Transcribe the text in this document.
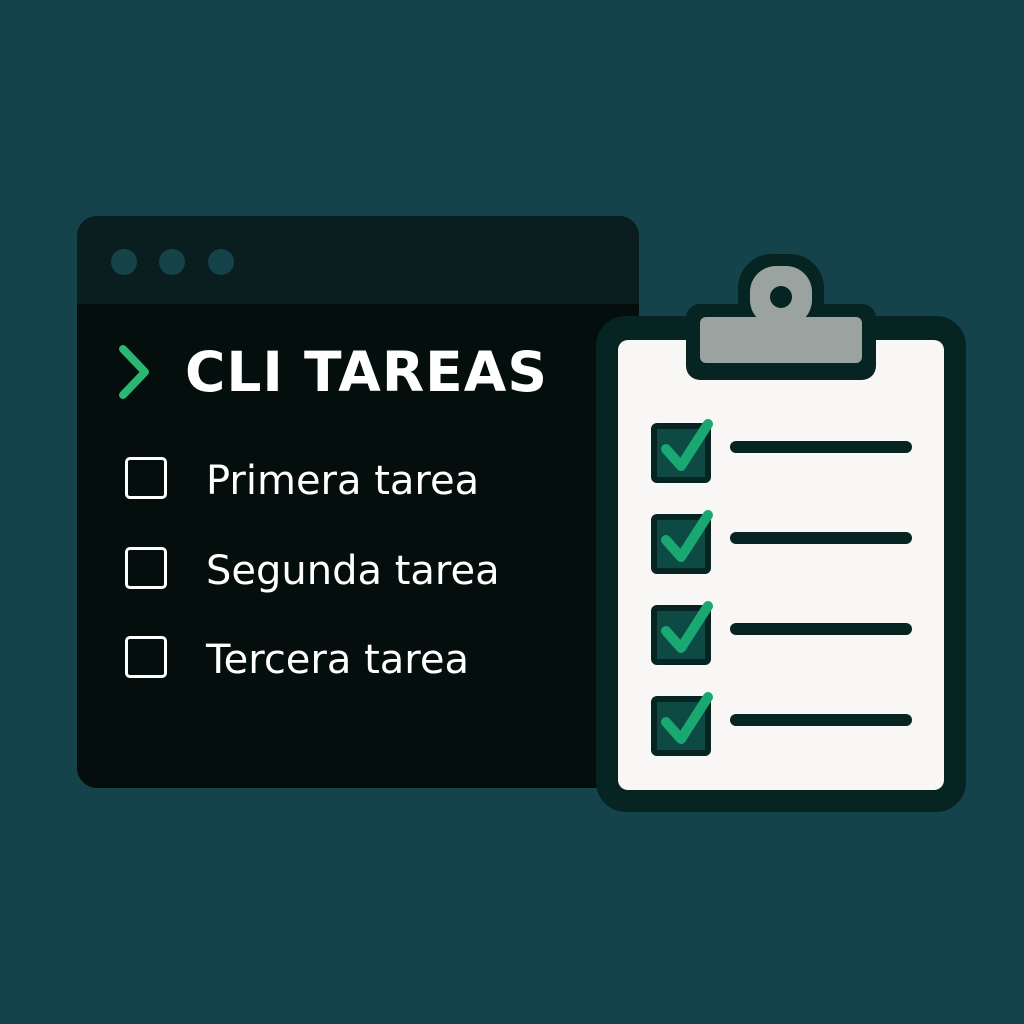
CLI TAREAS
Primera tarea
Segunda tarea
Tercera tarea
